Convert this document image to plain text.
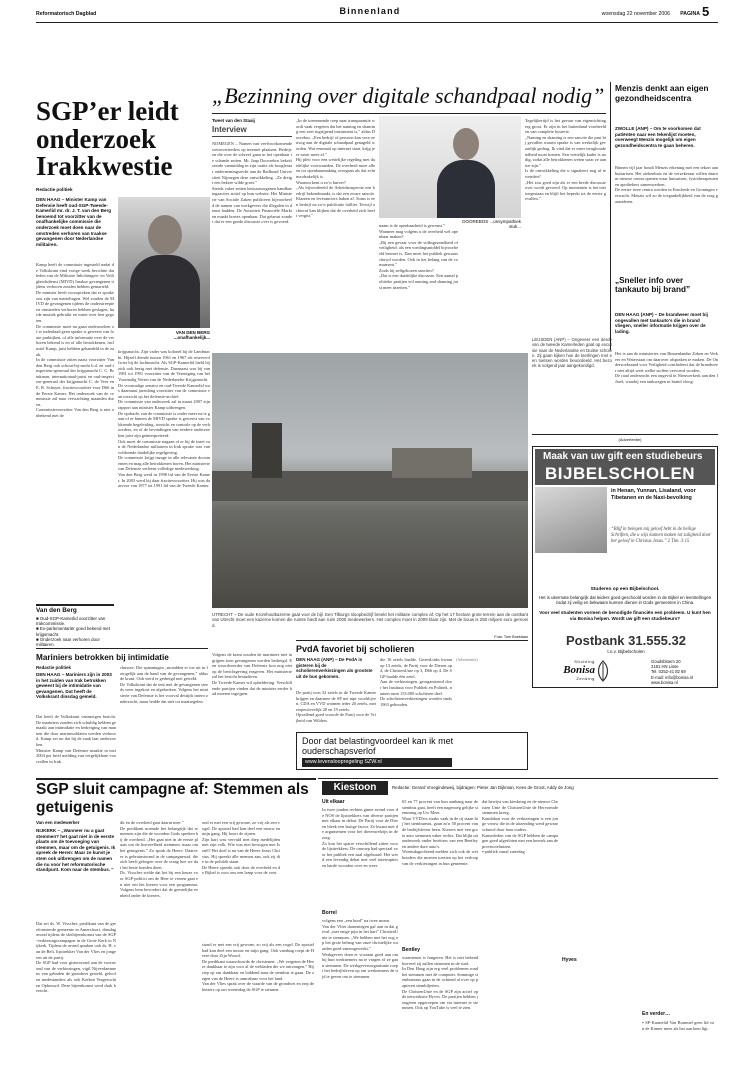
Reformatorisch Dagblad	Binnenland	woensdag 22 november 2006	PAGINA 5
SGP’er leidt onderzoek Irakkwestie
Redactie politiek
DEN HAAG – Minister Kamp van Defensie heeft oud-SGP-Tweede-Kamerlid mr. dr. J. T. van den Berg benoemd tot voorzitter van de onafhankelijke commissie die onderzoek moet doen naar de omstreden verhoren van Iraakse gevangenen door Nederlandse militairen.
Kamp heeft de commissie ingesteld nadat de Volkskrant eind vorige week berichtte dat leden van de Militaire Inlichtingen- en Veiligheidsdienst (MIVD) Iraakse gevangenen tijdens verhoren zouden hebben gemarteld.
De minister heeft vooropreken dat er sprake zou zijn van martelingen. Wel zouden de MIVD de gevangenen tijdens de onderstreepte en omstreden verhoren hebben geslagen, harde muziek gebruikt en water over hen gegoten.
De commissie moet nu gaan onderzoeken of er inderdaad geen sprake is geweest van foute praktijken, of alle informatie over de verhoren bekend is en of alle betrokkenen, inclusief Kamp, juist hebben gehandeld in de zaak.
In de commissie zitten naast voorzitter Van den Berg ook schout-bij-nacht b.d. en oud-inspecteur-generaal der krijgsmacht C. C. Brinkman, internationaal-jurist en oud-inspecteur-generaal der krijgsmacht C. de Veer en E. R. Schuyer, fractievoorzitter voor D66 in de Eerste Kamer. Het onderzoek van de commissie zal naar verwachting maanden duren.
Commissievoorzitter Van den Berg is niet onbekend met de
VAN DEN BERG ...onafhankelijk...
krijgsmacht. Zijn vader was kolonel bij de Landmacht. Hijzelf diende tussen 1961 en 1967 als reserveofficier bij de luchtmacht. Als SGP-Kamerlid hield hij zich ook bezig met defensie. Daarnaast was hij van 1981 tot 1991 voorzitter van de Vereniging van het Voormalig Verzet van de Nederlandse Krijgsmacht.
De voormalige senator en oud-Tweede Kamerlid was daarnaast jarenlang voorzitter van de commissie van toezicht op het defensie-archief.
De commissie van onderzoek zal in maart 2007 zijn rapport aan minister Kamp uitbrengen.
De opdracht van de commissie is onder meer na te gaan of er binnen de MIVD sprake is geweest van voldoende begeleiding, toezicht en controle op de verhoorders, en of de bevindingen van eerdere onderzoeken juist zijn geïnterpreteerd.
Ook moet de commissie nagaan of er bij de inzet van de Nederlandse militairen in Irak sprake was van voldoende duidelijke regelgeving.
De commissie krijgt inzage in alle relevante documenten en mag alle betrokkenen horen. Het ministerie van Defensie verleent volledige medewerking.
Van den Berg werd in 1998 lid van de Eerste Kamer. In 2003 werd hij daar fractievoorzitter. Hij was daarvoor van 1977 tot 1991 lid van de Tweede Kamer.
Van den Berg
■ Oud-SGP-Kamerlid voorzitter van Irakcommissie.
■ Ex-parlementariër goed bekend met krijgsmacht.
■ Onderzoek naar verhoren door militairen.
„Bezinning over digitale schandpaal nodig”
Tweet van den Staaij
Interview
NIJMEGEN – Namen van veelvoorkomende wetsovertreders op internet plaatsen. Bedrijven die over de schreef gaan in het openbaar te schande zetten. Mr. Jaap Dooorebos bekritiseerde vanmiddag in zijn oratie als hoogleraar ondernemingsrecht aan de Radboud Universiteit Nijmegen deze ontwikkeling. „Ze dreigt een bekere wilde groei.”
Steeds vaker zetten bestuursorganen handhavingsacties actief op hun website. Het Ministerie van Sociale Zaken publiceert bijvoorbeeld de namen van werkgevers die illegalen in dienst hadden. De Autoriteit Financiële Markten maakt boetes openbaar. Dat gebeurt zonder dat er een goede discussie over is gevoerd.
„In de toenemende roep naar transparantie wordt vaak vergeten dat het naming en shaming een zeer ingrijpend instrument is,” aldus Doorebos. „Een bedrijf of persoon kan voor eeuwig aan de digitale schandpaal genageld worden. Wat eenmaal op internet staat, krijg je er nooit meer af.”
Hij pleit voor een wettelijke regeling met duidelijke voorwaarden. De overheid moet alleen tot openbaarmaking overgaan als dat echt noodzakelijk is.
Waarom kent u zo‘n huiver?
„Als bijvoorbeeld de Arbeidsinspectie een bedrijf bekendmaakt, is dat een zware sanctie. Klanten en leveranciers haken af. Soms is een bedrijf na zo‘n publicatie failliet. Terwijl achteraf kan blijken dat de overheid zich heeft vergist.”
naam is de openbaarheid is gewenst.”
Wanneer mag volgens u de overheid wel openbaar maken?
„Bij een gevaar voor de volksgezondheid of veiligheid: als een voedingsmiddel bijvoorbeeld besmet is. Dan moet het publiek gewaarschuwd worden. Ook in het belang van de consument.”
Zoals bij zelfgekozen sancties?
„Dat is een duidelijke discussie. Een aantal politieke partijen wil naming and shaming juist meer inzetten.”
DOOREBOS ...onsympathiek stuk...
Tegelijkertijd is het gevaar van eigenrichting erg groot. Er zijn in het buitenland voorbeelden van complete hysterie.
„Naming en shaming is een sanctie die past bij gevallen waarin sprake is van werkelijk gevaarlijk gedrag. Ik vind dat er meer terughoudendheid moet komen. Een wettelijk kader is nodig, zodat alle betrokkenen weten waar ze aan toe zijn.”
Is de ontwikkeling die u signaleert nog af te wenden?
„Het zou goed zijn als er een brede discussie over wordt gevoerd. Op momenten is het niet toegestaan en blijft het beperkt tot de eerste gevallen.”
Menzis denkt aan eigen gezondheidscentra
ZWOLLE (ANP) – Om te voorkomen dat patiënten naar een tekenlijst moeten, overweegt Menzis mogelijk om eigen gezondheidscentra te gaan beheren.
Binnen vijf jaar houdt Menzis rekening met een tekort aan huisartsen. Het ziekenhuis en de verzekeraar willen daarom nieuwe centra openen waar huisartsen, fysiotherapeuten en apothekers samenwerken.
De eerste twee centra worden in Enschede en Groningen verwacht. Menzis wil zo de toegankelijkheid van de zorg garanderen.
„Sneller info over tankauto bij brand”
DEN HAAG (ANP) – De brandweer moet bij ongevallen met tankauto's die in brand vliegen, sneller informatie krijgen over de lading.
Het is aan de ministeries van Binnenlandse Zaken en Verkeer en Waterstaat om daarover afspraken te maken. De Onderzoeksraad voor Veiligheid concludeert dat de brandweer niet altijd weet welke stoffen vervoerd worden.
De raad onderzocht een ongeval in Nieuwerkerk aan den IJssel, waarbij een tankwagen in brand vloog.
LEUSDEN (ANP) – Ongeveer een derde van de tweede Kamerleden gaat op excursie naar de Nederlandse en Duitse scholen. Zij gaan kijken hoe de leerlingen met een toetsen worden beoordeeld. Het bezoek is volgend jaar aangekondigd.
(Advertentie)
Maak van uw gift een studiebeurs
BIJBELSCHOLEN
in Henan, Yunnan, Lisaland, voor Tibetanen en de Naxi-bevolking
“Blijf in belegen mij geloof hebt in de heilige Schriften, die u wijs kunnen maken tot zaligheid door het geloof in Christus Jezus.” 2 Tim. 3:15
Studeren op een Bijbelschool.
Het is uitermate belangrijk dat leiders goed geschoold worden in de Bijbel en leerstellingen zodat zij veilig en bekwaam kunnen dienen in Gods gemeenten in China.
Voor veel studenten vormen de benodigde financiën een probleem. U kunt hen via Bonisa helpen. Wordt uw gift een studiebeurs?
Postbank 31.555.32
t.n.v. Bijbelscholen
Stichting
Bonisa
Zending
Goudsbloem 20
2181 HN Lisse
Tel. 0252-41 82 69
E-mail: info@bonisa.nl
www.bonisa.nl
UTRECHT – De oude Kromhoutkazerne gaat voor de bijl. Een Tilburgs sloopbedrijf breekt het militaire complex af. Op het 17 hectare grote terrein aan de oostkant van Utrecht moet een kazerne komen die ruimte biedt aan ruim 2000 medewerkers. Het complex moet in 2009 klaar zijn. Met de bouw is 250 miljoen euro gemoeid.
Foto: Tom Boeklaan
Mariniers betrokken bij intimidatie
Redactie politiek
DEN HAAG – Mariniers zijn in 2003 in het zuiden van Irak betrokken geweest bij de intimidatie van gevangenen. Dat heeft de Volkskrant dinsdag gemeld.
Dat heeft de Volkskrant vanmorgen bericht. De mariniers zouden zich schuldig hebben gemaakt aan intimidatie en bedreiging van mannen die door marinesoldaten werden verhoord. Kamp zei nu dat hij de zaak laat onderzoeken.
Minister Kamp van Defensie maakte in mei 2004 per brief melding van vergelijkbare voorvallen in Irak.
chussee. Die spanningen „mondden er toe uit in fotogelijk aan de hand van de gevangenen,” aldus de krant. Ook werd er gedreigd met geweld.
De Volkskrant dat de tent met de gevangenen steeds weer ingekort en afgebroken. Volgens het ministerie van Defensie is het voorval destijds intern onderzocht, maar leidde dat niet tot maatregelen.
Volgens de krant zouden de mariniers niet ingrijpen toen gevangenen werden bedreigd. Een woordvoerder van Defensie kon nog niet op de berichtgeving reageren. Het ministerie zal het bericht bestuderen.
De Tweede Kamer wil opheldering. Verschillende partijen vinden dat de minister eerder had moeten ingrijpen.
PvdA favoriet bij scholieren
DEN HAAG (ANP) – De PvdA is gisteren bij de scholierenverkiezingen als grootste uit de bus gekomen.
De partij won 32 zetels in de Tweede Kamer krijgen en daarmee de SP net nipt voorblijven. CDA en VVD wonnen ieder 20 zetels, met respectievelijk 20 en 19 zetels.
Opvallend goed scoorde de Partij voor de Vrijheid van Wilders.
die 16 zetels haalde. GroenLinks kwam op 13 zetels, de Partij voor de Dieren op 4, de ChristenUnie op 3, D66 op 4. De SGP haalde één zetel.
Aan de verkiezingen, georganiseerd door het Instituut voor Publiek en Politiek, namen ruim 153.000 scholieren deel.
De scholierenverkiezingen worden sinds 1963 gehouden.
(Advertentie)
Door dat belastingvoordeel kan ik met ouderschapsverlof
www.levensloopregeling SZW.nl
SGP sluit campagne af: Stemmen als getuigenis
Van een medewerker
NIJKERK – „Wanneer nu a gaat stemmen? het gaat niet in de eerste plaats om de toevoeging van stemmen, maar om de getuigenis. Ik spreek de Heren: Maar ze kunst je stem ook uitbrengen om de namen die nu voor het reformatorische standpunt. Kom naar de stembus. “
Dat zei ds. W. Visscher, predikant van de gereformeerde gemeente in Amersfoort, dinsdag avond tijdens de slotbijeenkomst van de SGP-verkiezingscampagne in de Grote Kerk in Nijkerk. Tijdens de avond spraken ook ds. H. van de Belt, lijsttrekker Van der Vlies en jongeren uit de partij.
De SGP had voor gisteravond aan de vooravond van de verkiezingen, vigil Nijverdammens van geboden de grondwet gesteld, geloof en medestanders als ook Kerken Vergezocht en Opbouwd. Deze bijeenkomst werd druk bezocht.
dit en de overheid gaat daarin mee.”
De predikant noemde het belangrijk dat er mensen zijn die de woorden Gods spreken bij de overheid. „Het gaat niet in de eerste plaats om de hoeveelheid stemmen, maar om het getuigenis.” Zo sprak de Heere. Daarover is gebrainstormd in de campagnestaf, die zich heeft gebogen over de vraag hoe we dat het beste konden doen.
Ds. Visscher stelde dat het bij een keuze voor SGP-politici om de Heer te vrezen gaat en niet om het kiezen voor een programma. Volgens hem bevordert dat de geestelijke eenheid onder de kiezers.
ond er met een vrij gewone, zo vrij als een vogel. De apostel had kan deel een mouw en mijn gang. Hij hoort de zijnen.
Zijn kart was vervuld met diep medelijden met zijn volk. Wie was niet bewogen met Israël? Het doel is nu van de Heere Jezus Christus. Hij spreekt alle mensen aan, ook zij die in de politiek staan.
De Heere spreekt ook door de overheid en de Bijbel is voor ons een lamp voor de voet.
stond er met een vrij gewone, zo vrij als een vogel. De apostel had kan deel een mouw en mijn gang. Ook vandaag roept de Heere door Zijn Woord.
De predikant waarschuwde de christenen: „We vergeten de Heere dankbaar te zijn voor al de weldaden die we ontvangen.” Hij riep op om dankbaar en biddend naar de stembus te gaan. De zegen van de Heere is onmisbaar voor het land.
Van der Vlies sprak over de waarde van de grondwet en riep de kiezers op om woensdag de SGP te steunen.
Kiestoon	Redactie: Gerard Vroegindeweij, bijdragen: Pieter Jan Dijkman, Kees de Groot, Addy de Jong
Uit elkaar
In twee jonden rechten ginne avond voor de NOS de lijsttrekkers van diverse partijen met elkaar in debat. De Partij voor de Dieren bleek een lastige factor. Ze kwam met de argumenten voor het dierenwelzijn in de zorg.
Zo kon het sparre verschillend zitten voor de lijsttrekkers. De omroep had speciaal voor het publiek een zaal afgehuurd. Het werd een levendig debat met veel interrupties en harde woorden over en weer.
Borrel
volgens een „een bord” na twee monn.
Van der Vlies daarentegen gaf aan in dat geval „met enige pijn in het hart” ChristenUnie te stemmen. „We hebben met het oog op het grote belang van onze christelijke waarden goed samengewerkt.”
Werkgevers doen er vooraan goed aan om bij hun werknemers na te vragen of ze gaan stemmen. De werkgeversorganisatie roept het bedrijfsleven op om werknemers de tijd te geven om te stemmen.
65 en 77 procent van hun aanhang naar de stembus gaat, heeft een nagenoeg gelijke stemming op Uw Meer.
Waar VVD'ers straks vaak in de rij staan bij het stembureau, gaan zo'n 50 procent van de bedrijfsleven heen. Kiezers met een grote auto stemmen vaker rechts. Dat blijkt uit onderzoek onder bezitters van een Bentley en andere dure auto's.
Woensdagochtend melden zich ook de wethouders die moeten toezien op het verloop van de verkiezingen in hun gemeente.
Bentley
waarnemer is fungeren. Het is niet bekend hoeveel zij zullen stemmen in de stad.
In Den Haag zijn erg veel problemen rond het stemmen met de computer. Sommige stembureaus gaan in de ochtend al over op papieren stembiljetten.
De ChristenUnie en de SGP zijn actief op de netwerksite Hyves. De partijen hebben jongeren opgeroepen om via internet te stemmen. Ook op YouTube is veel te zien.
dat bewijst van kieskring en de nieuwe Christen Unie de ChristenUnie de Hervormde stemmen kreeg.
Kandidaat voor de verkiezingen is een jonge vrouw die in de uitzending werd gewaarschuwd door haar ouders.
Kamerleden van de SGP hebben de campagne goed afgesloten met een bezoek aan de provinciehuizen.
▪ publiek vanaf zaterdag
Hyves
En verder…
▪ SP-Kamerlid Van Bommel geen lid van de Kamer meer als het aan hem ligt.
